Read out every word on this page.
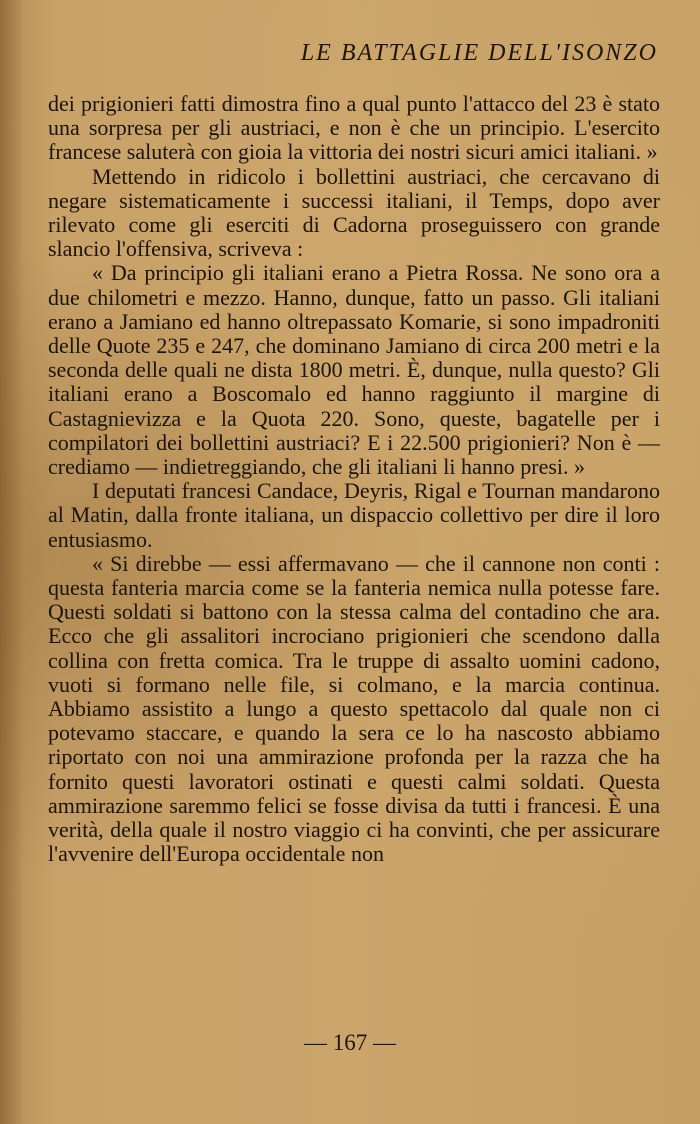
LE BATTAGLIE DELL'ISONZO

dei prigionieri fatti dimostra fino a qual punto l'attacco del 23 è stato una sorpresa per gli austriaci, e non è che un principio. L'esercito francese saluterà con gioia la vittoria dei nostri sicuri amici italiani. »

Mettendo in ridicolo i bollettini austriaci, che cercavano di negare sistematicamente i successi italiani, il Temps, dopo aver rilevato come gli eserciti di Cadorna proseguissero con grande slancio l'offensiva, scriveva :

« Da principio gli italiani erano a Pietra Rossa. Ne sono ora a due chilometri e mezzo. Hanno, dunque, fatto un passo. Gli italiani erano a Jamiano ed hanno oltrepassato Komarie, si sono impadroniti delle Quote 235 e 247, che dominano Jamiano di circa 200 metri e la seconda delle quali ne dista 1800 metri. È, dunque, nulla questo? Gli italiani erano a Boscomalo ed hanno raggiunto il margine di Castagnievizza e la Quota 220. Sono, queste, bagatelle per i compilatori dei bollettini austriaci? E i 22.500 prigionieri? Non è — crediamo — indietreggiando, che gli italiani li hanno presi. »

I deputati francesi Candace, Deyris, Rigal e Tournan mandarono al Matin, dalla fronte italiana, un dispaccio collettivo per dire il loro entusiasmo.

« Si direbbe — essi affermavano — che il cannone non conti : questa fanteria marcia come se la fanteria nemica nulla potesse fare. Questi soldati si battono con la stessa calma del contadino che ara. Ecco che gli assalitori incrociano prigionieri che scendono dalla collina con fretta comica. Tra le truppe di assalto uomini cadono, vuoti si formano nelle file, si colmano, e la marcia continua. Abbiamo assistito a lungo a questo spettacolo dal quale non ci potevamo staccare, e quando la sera ce lo ha nascosto abbiamo riportato con noi una ammirazione profonda per la razza che ha fornito questi lavoratori ostinati e questi calmi soldati. Questa ammirazione saremmo felici se fosse divisa da tutti i francesi. È una verità, della quale il nostro viaggio ci ha convinti, che per assicurare l'avvenire dell'Europa occidentale non

— 167 —
